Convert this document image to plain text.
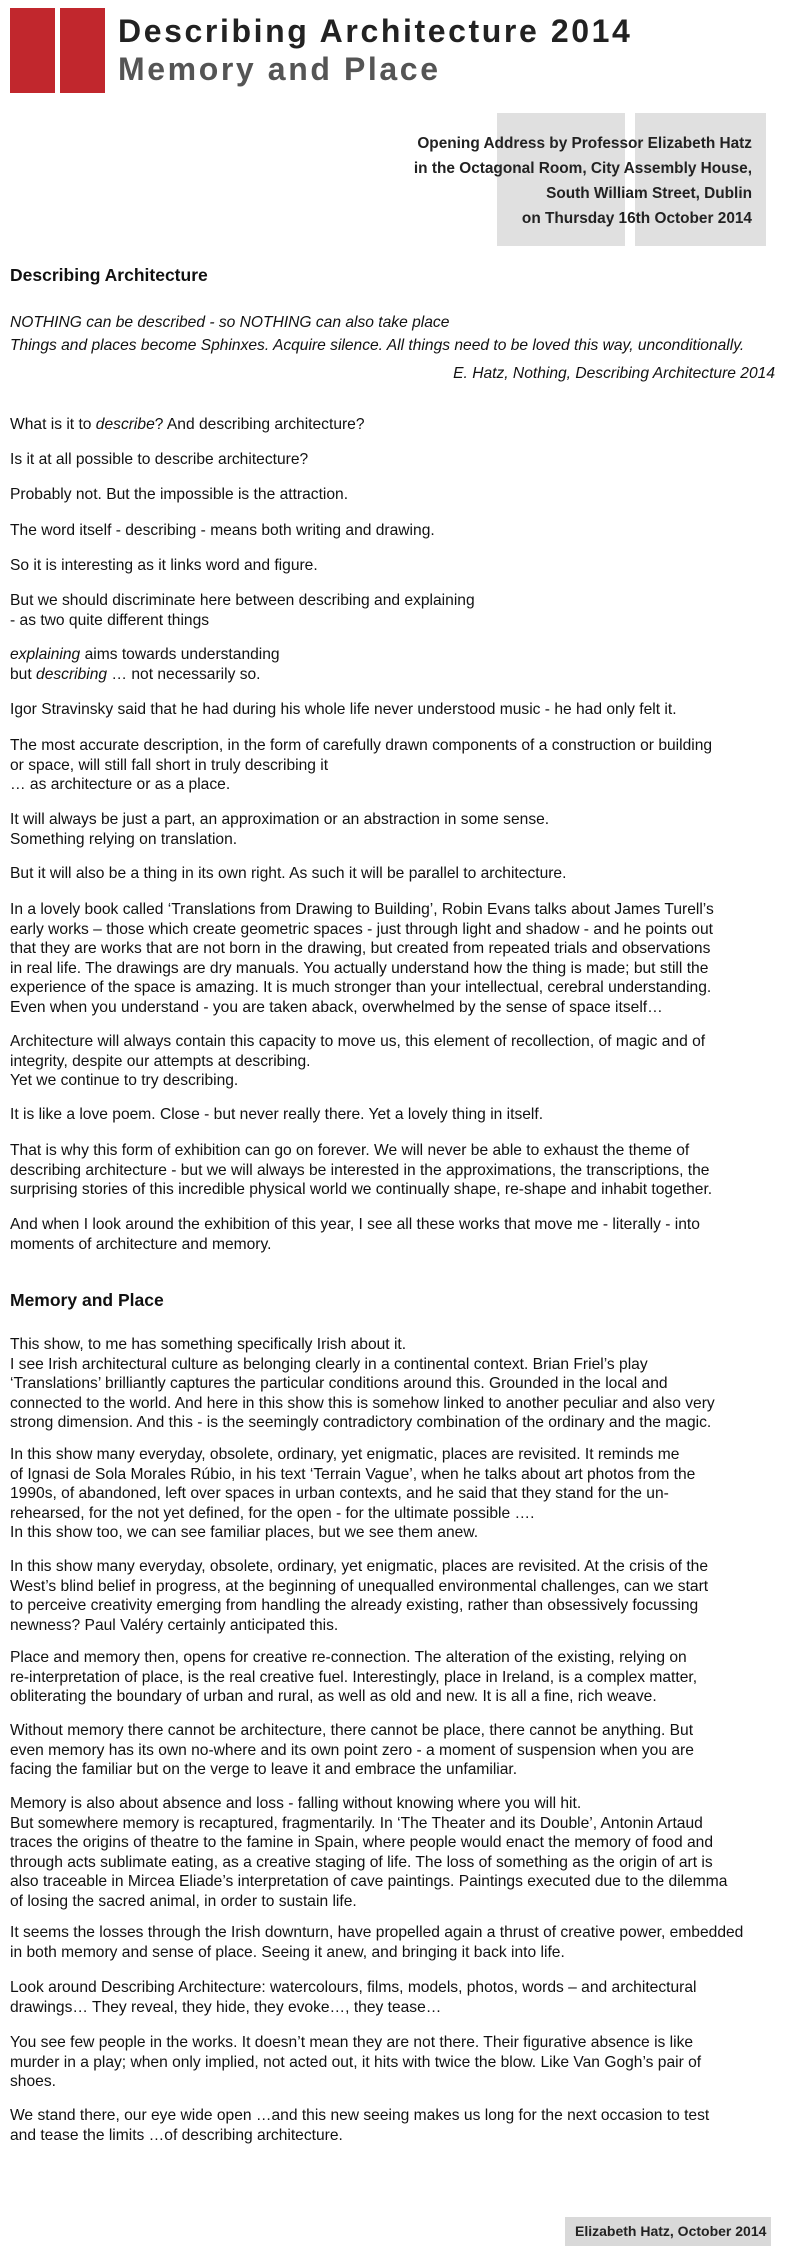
Describing Architecture 2014
Memory and Place
Opening Address by Professor Elizabeth Hatz
in the Octagonal Room, City Assembly House,
South William Street, Dublin
on Thursday 16th October 2014
Describing Architecture
NOTHING can be described - so NOTHING can also take place
Things and places become Sphinxes. Acquire silence. All things need to be loved this way, unconditionally.
E. Hatz, Nothing, Describing Architecture 2014
What is it to describe? And describing architecture?
Is it at all possible to describe architecture?
Probably not. But the impossible is the attraction.
The word itself - describing - means both writing and drawing.
So it is interesting as it links word and figure.
But we should discriminate here between describing and explaining
- as two quite different things
explaining aims towards understanding
but describing … not necessarily so.
Igor Stravinsky said that he had during his whole life never understood music - he had only felt it.
The most accurate description, in the form of carefully drawn components of a construction or building
or space, will still fall short in truly describing it
… as architecture or as a place.
It will always be just a part, an approximation or an abstraction in some sense.
Something relying on translation.
But it will also be a thing in its own right. As such it will be parallel to architecture.
In a lovely book called ‘Translations from Drawing to Building’, Robin Evans talks about James Turell’s
early works – those which create geometric spaces - just through light and shadow - and he points out
that they are works that are not born in the drawing, but created from repeated trials and observations
in real life. The drawings are dry manuals. You actually understand how the thing is made; but still the
experience of the space is amazing. It is much stronger than your intellectual, cerebral understanding.
Even when you understand - you are taken aback, overwhelmed by the sense of space itself…
Architecture will always contain this capacity to move us, this element of recollection, of magic and of
integrity, despite our attempts at describing.
Yet we continue to try describing.
It is like a love poem. Close - but never really there. Yet a lovely thing in itself.
That is why this form of exhibition can go on forever. We will never be able to exhaust the theme of
describing architecture - but we will always be interested in the approximations, the transcriptions, the
surprising stories of this incredible physical world we continually shape, re-shape and inhabit together.
And when I look around the exhibition of this year, I see all these works that move me - literally - into
moments of architecture and memory.
Memory and Place
This show, to me has something specifically Irish about it.
I see Irish architectural culture as belonging clearly in a continental context. Brian Friel’s play
‘Translations’ brilliantly captures the particular conditions around this. Grounded in the local and
connected to the world. And here in this show this is somehow linked to another peculiar and also very
strong dimension. And this - is the seemingly contradictory combination of the ordinary and the magic.
In this show many everyday, obsolete, ordinary, yet enigmatic, places are revisited. It reminds me
of Ignasi de Sola Morales Rúbio, in his text ‘Terrain Vague’, when he talks about art photos from the
1990s, of abandoned, left over spaces in urban contexts, and he said that they stand for the un-
rehearsed, for the not yet defined, for the open - for the ultimate possible ….
In this show too, we can see familiar places, but we see them anew.
In this show many everyday, obsolete, ordinary, yet enigmatic, places are revisited. At the crisis of the
West’s blind belief in progress, at the beginning of unequalled environmental challenges, can we start
to perceive creativity emerging from handling the already existing, rather than obsessively focussing
newness? Paul Valéry certainly anticipated this.
Place and memory then, opens for creative re-connection. The alteration of the existing, relying on
re-interpretation of place, is the real creative fuel. Interestingly, place in Ireland, is a complex matter,
obliterating the boundary of urban and rural, as well as old and new. It is all a fine, rich weave.
Without memory there cannot be architecture, there cannot be place, there cannot be anything. But
even memory has its own no-where and its own point zero - a moment of suspension when you are
facing the familiar but on the verge to leave it and embrace the unfamiliar.
Memory is also about absence and loss - falling without knowing where you will hit.
But somewhere memory is recaptured, fragmentarily. In ‘The Theater and its Double’, Antonin Artaud
traces the origins of theatre to the famine in Spain, where people would enact the memory of food and
through acts sublimate eating, as a creative staging of life. The loss of something as the origin of art is
also traceable in Mircea Eliade’s interpretation of cave paintings. Paintings executed due to the dilemma
of losing the sacred animal, in order to sustain life.
It seems the losses through the Irish downturn, have propelled again a thrust of creative power, embedded
in both memory and sense of place. Seeing it anew, and bringing it back into life.
Look around Describing Architecture: watercolours, films, models, photos, words – and architectural
drawings… They reveal, they hide, they evoke…, they tease…
You see few people in the works. It doesn’t mean they are not there. Their figurative absence is like
murder in a play; when only implied, not acted out, it hits with twice the blow. Like Van Gogh’s pair of
shoes.
We stand there, our eye wide open …and this new seeing makes us long for the next occasion to test
and tease the limits …of describing architecture.
Elizabeth Hatz, October 2014
